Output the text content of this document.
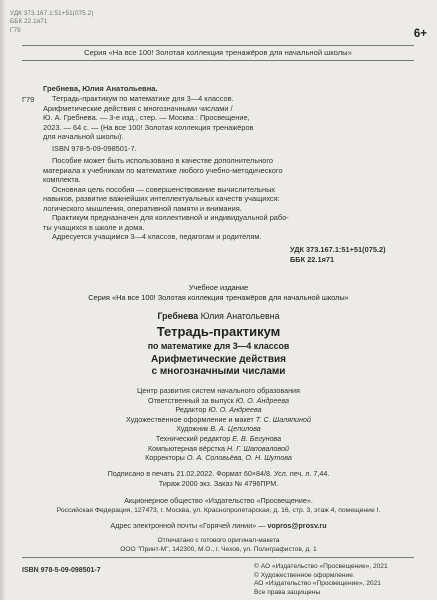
УДК 373.167.1:51+51(075.2)
ББК 22.1я71
Г79	6+
Серия «На все 100! Золотая коллекция тренажёров для начальной школы»
Гребнева, Юлия Анатольевна.
Г79 Тетрадь-практикум по математике для 3—4 классов.
Арифметические действия с многозначными числами /
Ю. А. Гребнева. — 3-е изд., стер. — Москва : Просвещение,
2023. — 64 с. — (На все 100! Золотая коллекция тренажёров
для начальной школы).
ISBN 978-5-09-098501-7.
Пособие может быть использовано в качестве дополнительного
материала к учебникам по математике любого учебно-методического
комплекта.
Основная цель пособия — совершенствование вычислительных
навыков, развитие важнейших интеллектуальных качеств учащихся:
логического мышления, оперативной памяти и внимания.
Практикум предназначен для коллективной и индивидуальной рабо-
ты учащихся в школе и дома.
Адресуется учащимся 3—4 классов, педагогам и родителям.
УДК 373.167.1:51+51(075.2)
ББК 22.1я71
Учебное издание
Серия «На все 100! Золотая коллекция тренажёров для начальной школы»
Гребнева Юлия Анатольевна
Тетрадь-практикум
по математике для 3—4 классов
Арифметические действия
с многозначными числами
Центр развития систем начального образования
Ответственный за выпуск Ю. О. Андреева
Редактор Ю. О. Андреева
Художественное оформление и макет Т. С. Шаляпиной
Художник В. А. Цепилова
Технический редактор Е. В. Бегунова
Компьютерная вёрстка Н. Г. Шаповаловой
Корректоры О. А. Соловьёва, О. Н. Шутова
Подписано в печать 21.02.2022. Формат 60×84/8. Усл. печ. л. 7,44.
Тираж 2000 экз. Заказ № 4796ПРМ.
Акционерное общество «Издательство «Просвещение».
Российская Федерация, 127473, г. Москва, ул. Краснопролетарская, д. 16, стр. 3, этаж 4, помещение I.
Адрес электронной почты «Горячей линии» — vopros@prosv.ru
Отпечатано с готового оригинал-макета
ООО "Принт-М", 142300, М.О., г. Чехов, ул. Полиграфистов, д. 1
ISBN 978-5-09-098501-7
© АО «Издательство «Просвещение», 2021
© Художественное оформление.
АО «Издательство «Просвещение», 2021
Все права защищены
